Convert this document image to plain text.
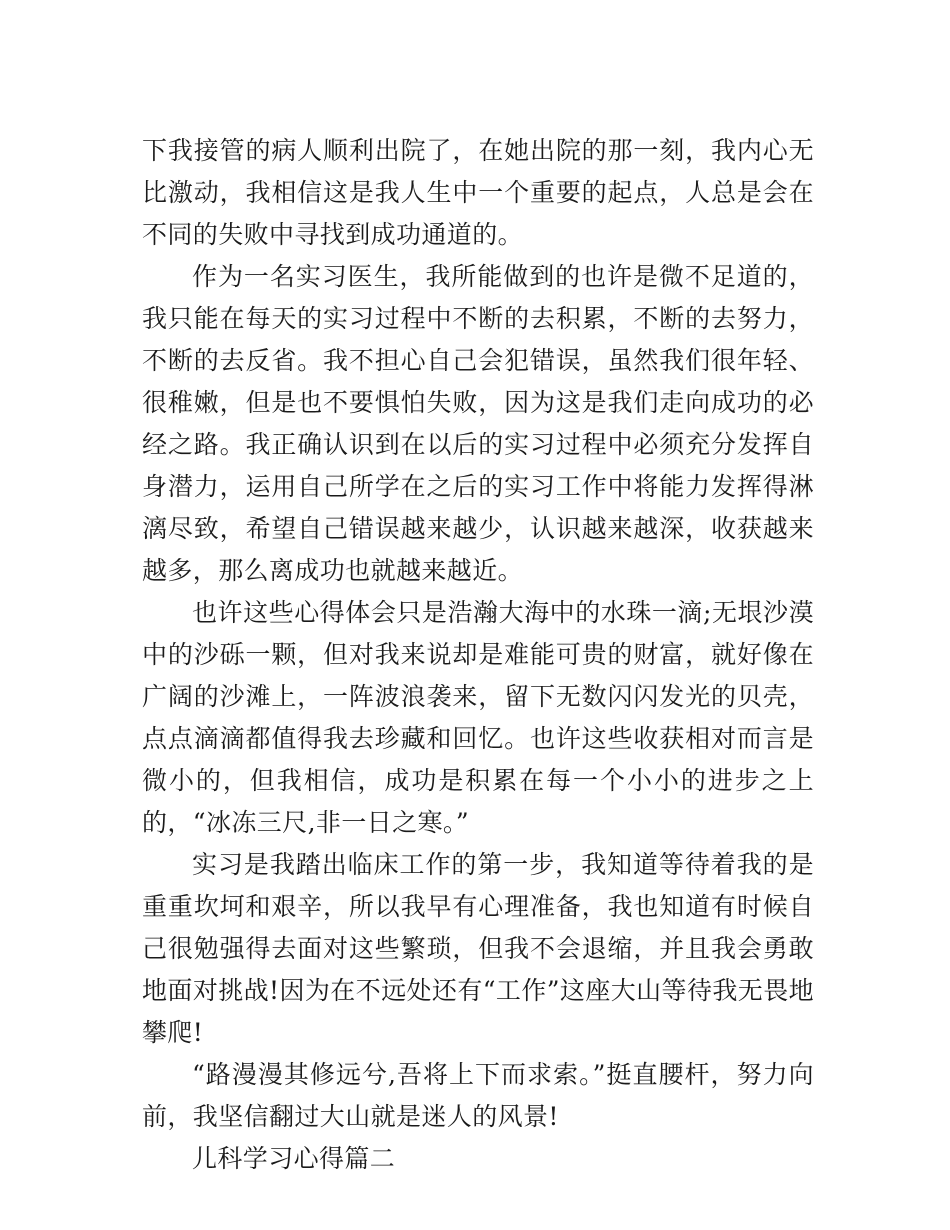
下我接管的病人顺利出院了，在她出院的那一刻，我内心无比激动，我相信这是我人生中一个重要的起点，人总是会在不同的失败中寻找到成功通道的。

作为一名实习医生，我所能做到的也许是微不足道的，我只能在每天的实习过程中不断的去积累，不断的去努力，不断的去反省。我不担心自己会犯错误，虽然我们很年轻、很稚嫩，但是也不要惧怕失败，因为这是我们走向成功的必经之路。我正确认识到在以后的实习过程中必须充分发挥自身潜力，运用自己所学在之后的实习工作中将能力发挥得淋漓尽致，希望自己错误越来越少，认识越来越深，收获越来越多，那么离成功也就越来越近。

也许这些心得体会只是浩瀚大海中的水珠一滴;无垠沙漠中的沙砾一颗，但对我来说却是难能可贵的财富，就好像在广阔的沙滩上，一阵波浪袭来，留下无数闪闪发光的贝壳，点点滴滴都值得我去珍藏和回忆。也许这些收获相对而言是微小的，但我相信，成功是积累在每一个小小的进步之上的，“冰冻三尺,非一日之寒。”

实习是我踏出临床工作的第一步，我知道等待着我的是重重坎坷和艰辛，所以我早有心理准备，我也知道有时候自己很勉强得去面对这些繁琐，但我不会退缩，并且我会勇敢地面对挑战!因为在不远处还有“工作”这座大山等待我无畏地攀爬!

“路漫漫其修远兮,吾将上下而求索。”挺直腰杆，努力向前，我坚信翻过大山就是迷人的风景!

儿科学习心得篇二
